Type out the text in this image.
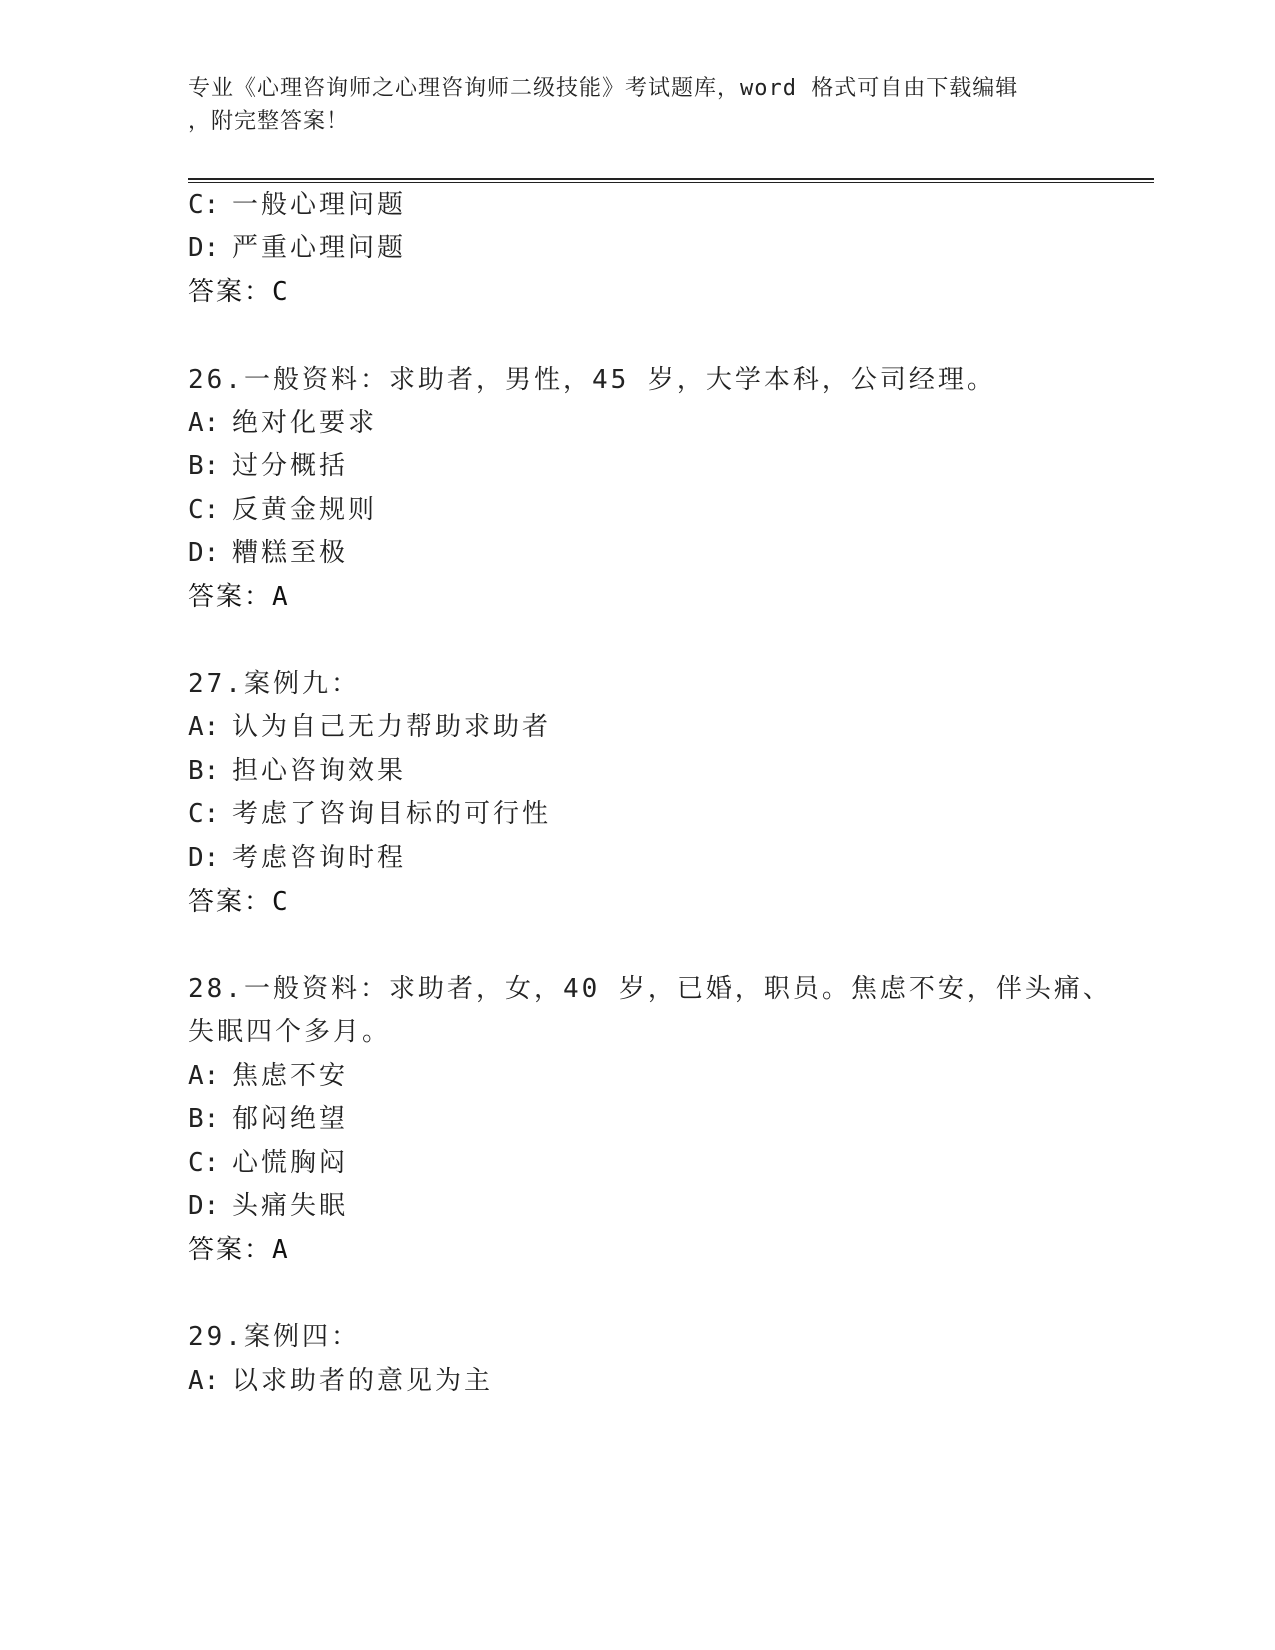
专业《心理咨询师之心理咨询师二级技能》考试题库，word 格式可自由下载编辑
，附完整答案！
C: 一般心理问题
D: 严重心理问题
答案：C
26.一般资料：求助者，男性，45 岁，大学本科，公司经理。
A: 绝对化要求
B: 过分概括
C: 反黄金规则
D: 糟糕至极
答案：A
27.案例九：
A: 认为自己无力帮助求助者
B: 担心咨询效果
C: 考虑了咨询目标的可行性
D: 考虑咨询时程
答案：C
28.一般资料：求助者，女，40 岁，已婚，职员。焦虑不安，伴头痛、
失眠四个多月。
A: 焦虑不安
B: 郁闷绝望
C: 心慌胸闷
D: 头痛失眠
答案：A
29.案例四：
A: 以求助者的意见为主
